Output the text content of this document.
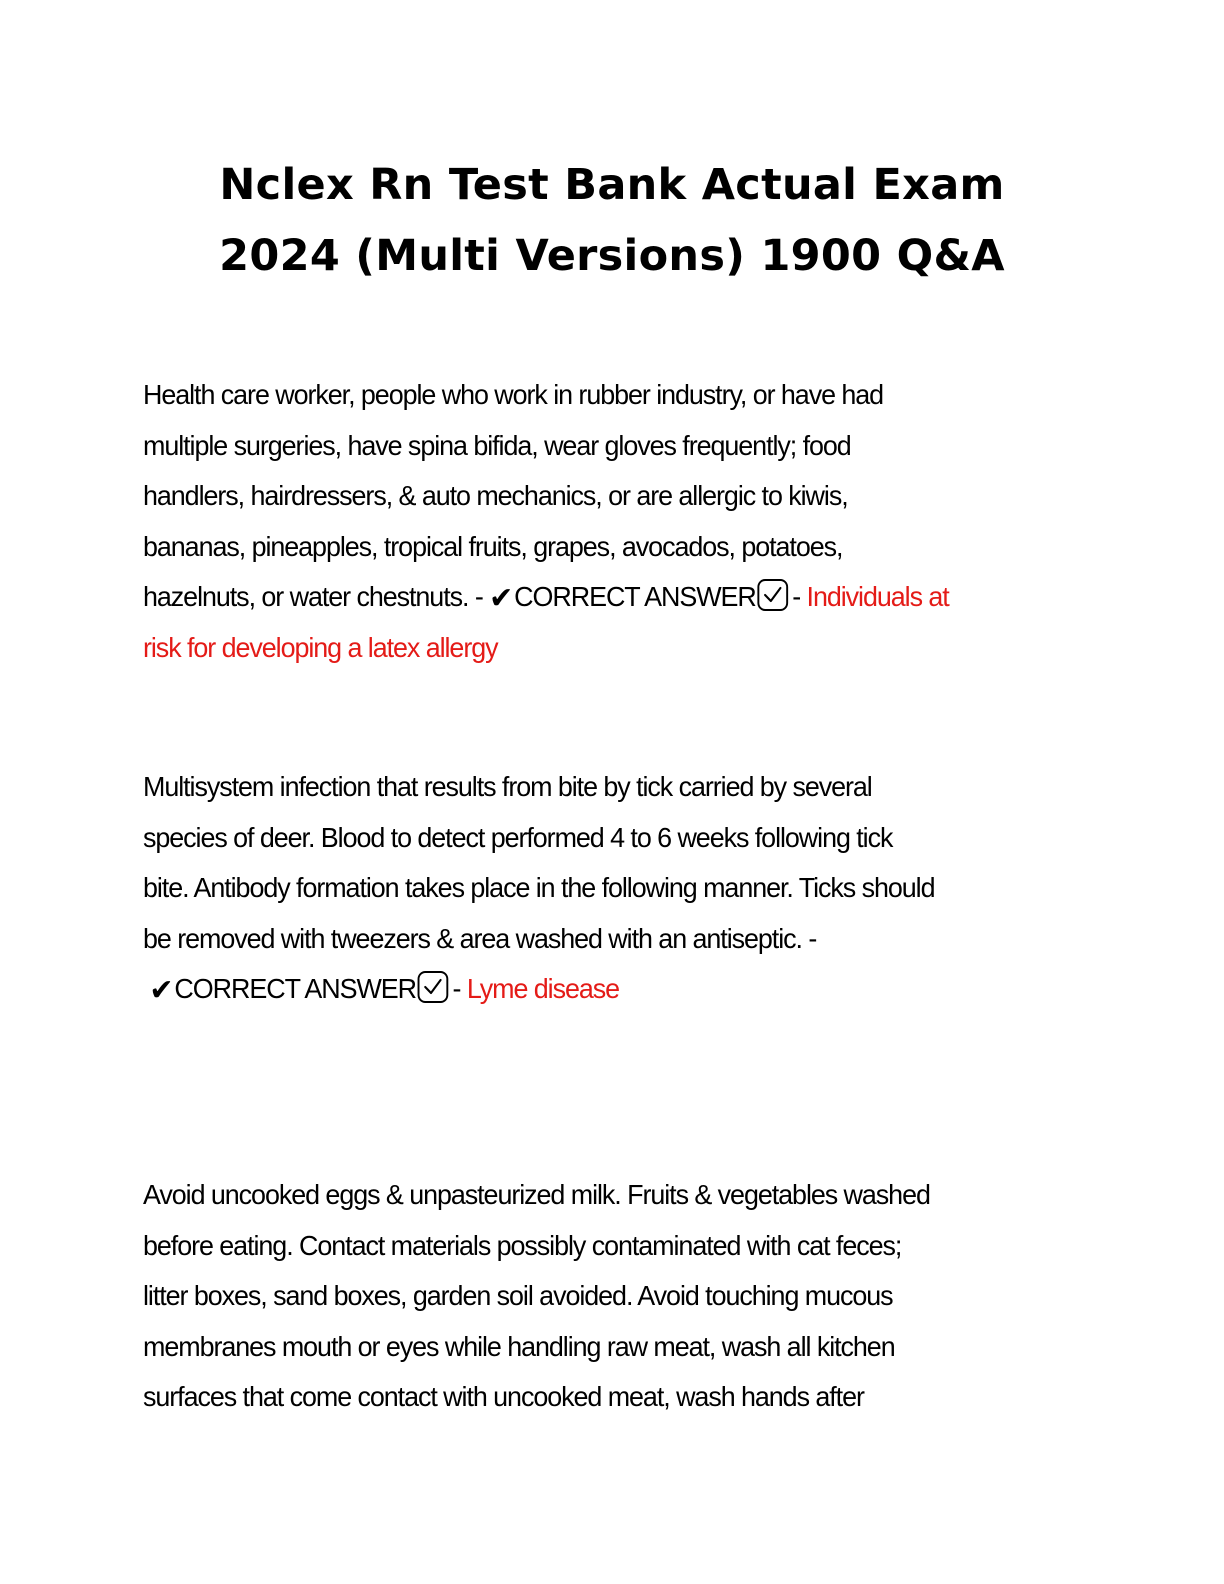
Nclex Rn Test Bank Actual Exam
2024 (Multi Versions) 1900 Q&A
Health care worker, people who work in rubber industry, or have had
multiple surgeries, have spina bifida, wear gloves frequently; food
handlers, hairdressers, & auto mechanics, or are allergic to kiwis,
bananas, pineapples, tropical fruits, grapes, avocados, potatoes,
hazelnuts, or water chestnuts. - ✔CORRECT ANSWER - Individuals at
risk for developing a latex allergy
Multisystem infection that results from bite by tick carried by several
species of deer. Blood to detect performed 4 to 6 weeks following tick
bite. Antibody formation takes place in the following manner. Ticks should
be removed with tweezers & area washed with an antiseptic. -
✔CORRECT ANSWER - Lyme disease
Avoid uncooked eggs & unpasteurized milk. Fruits & vegetables washed
before eating. Contact materials possibly contaminated with cat feces;
litter boxes, sand boxes, garden soil avoided. Avoid touching mucous
membranes mouth or eyes while handling raw meat, wash all kitchen
surfaces that come contact with uncooked meat, wash hands after
